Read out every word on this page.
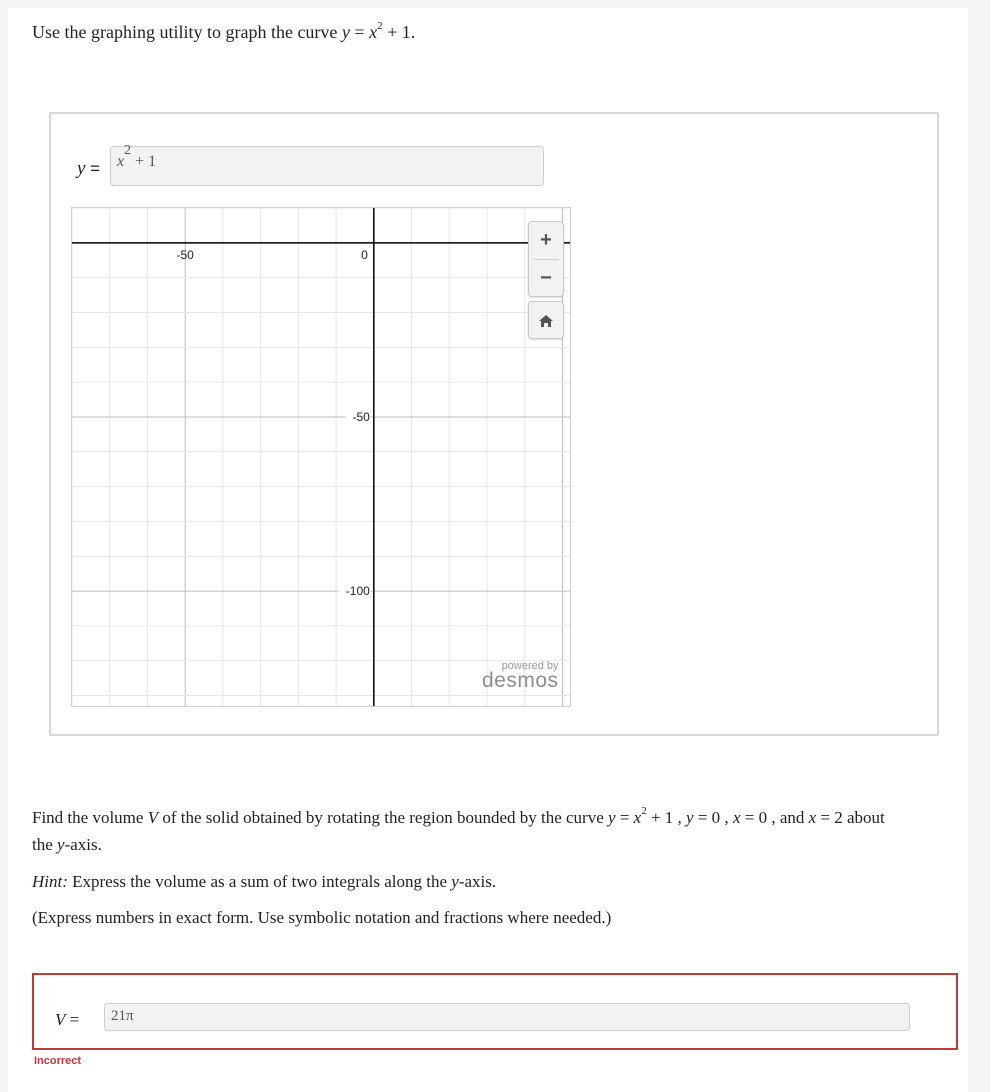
Use the graphing utility to graph the curve $y = x^2 + 1$.
y =	$x^2 + 1$
-50	0
-50
-100
+
−
powered by
desmos
Find the volume V of the solid obtained by rotating the region bounded by the curve $y = x^2 + 1$ , y = 0 , x = 0 , and x = 2 about
the y-axis.
Hint: Express the volume as a sum of two integrals along the y-axis.
(Express numbers in exact form. Use symbolic notation and fractions where needed.)
V =	21π
Incorrect
